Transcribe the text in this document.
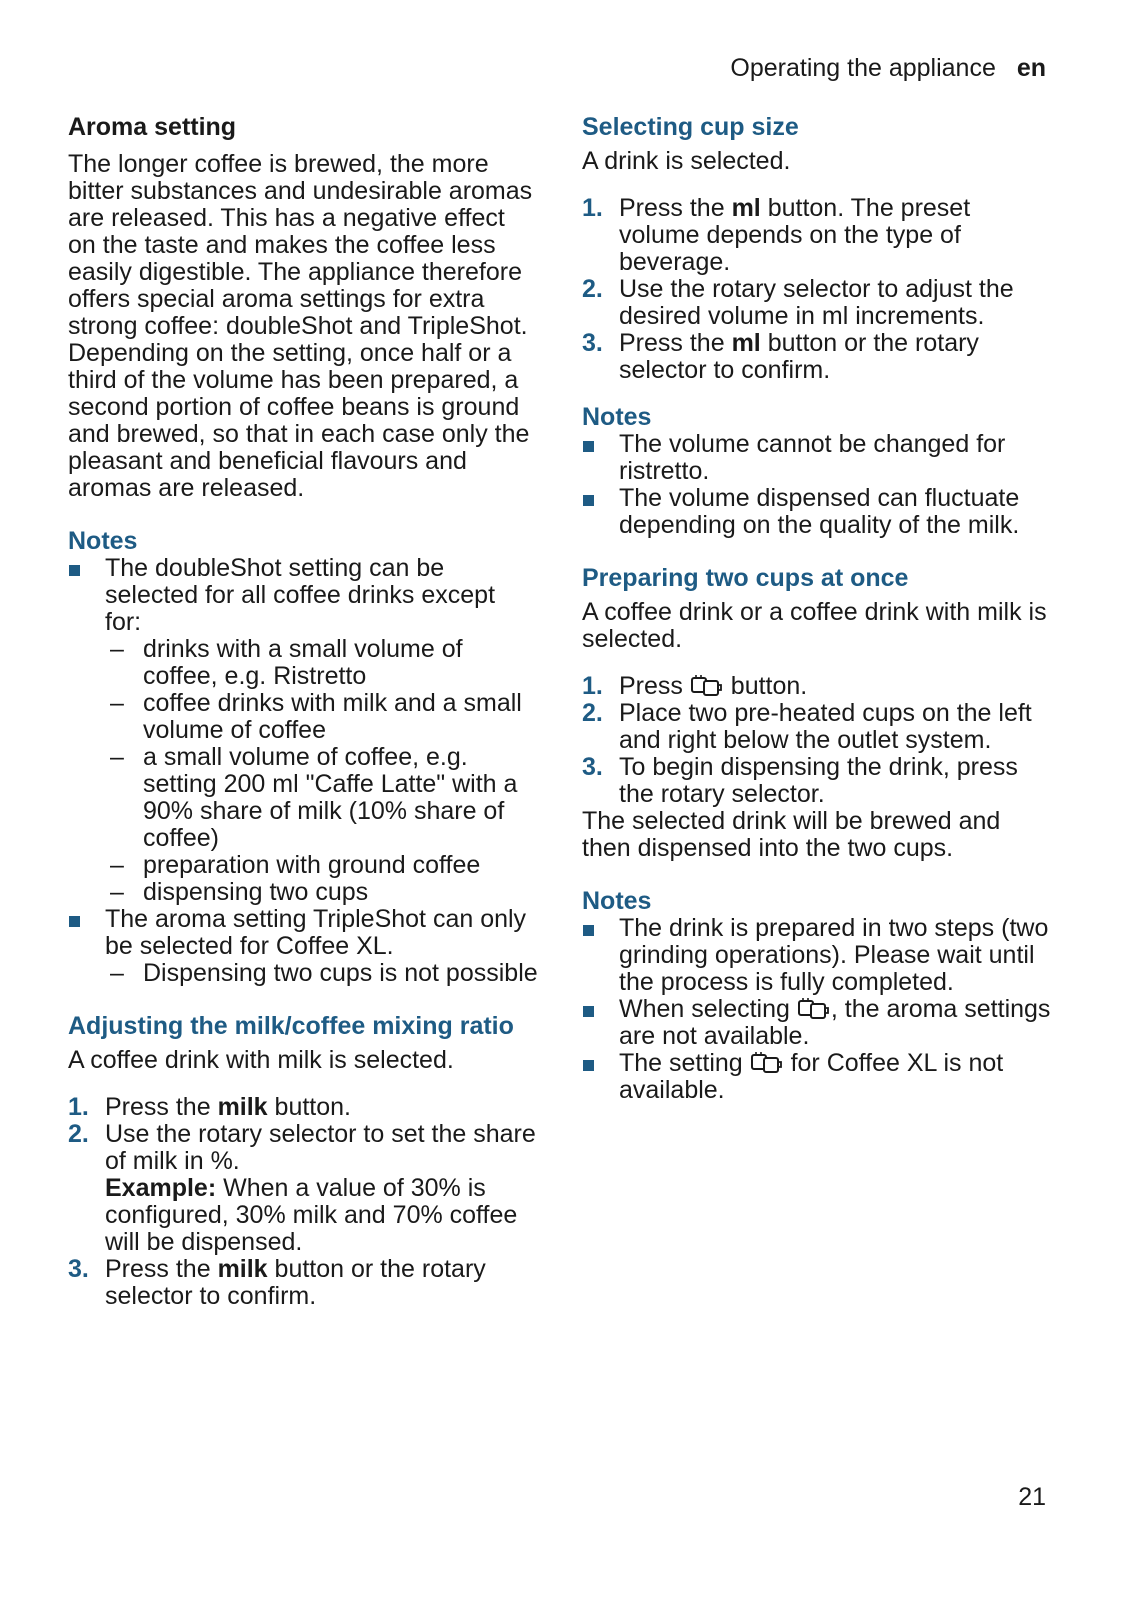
Operating the appliance en
Aroma setting

The longer coffee is brewed, the more bitter substances and undesirable aromas are released. This has a negative effect on the taste and makes the coffee less easily digestible. The appliance therefore offers special aroma settings for extra strong coffee: doubleShot and TripleShot. Depending on the setting, once half or a third of the volume has been prepared, a second portion of coffee beans is ground and brewed, so that in each case only the pleasant and beneficial flavours and aromas are released.

Notes
The doubleShot setting can be selected for all coffee drinks except for:
– drinks with a small volume of coffee, e.g. Ristretto
– coffee drinks with milk and a small volume of coffee
– a small volume of coffee, e.g. setting 200 ml "Caffe Latte" with a 90% share of milk (10% share of coffee)
– preparation with ground coffee
– dispensing two cups
The aroma setting TripleShot can only be selected for Coffee XL.
– Dispensing two cups is not possible
Adjusting the milk/coffee mixing ratio

A coffee drink with milk is selected.

1. Press the milk button.
2. Use the rotary selector to set the share of milk in %.
Example: When a value of 30% is configured, 30% milk and 70% coffee will be dispensed.
3. Press the milk button or the rotary selector to confirm.
Selecting cup size

A drink is selected.

1. Press the ml button. The preset volume depends on the type of beverage.
2. Use the rotary selector to adjust the desired volume in ml increments.
3. Press the ml button or the rotary selector to confirm.
Notes
The volume cannot be changed for ristretto.
The volume dispensed can fluctuate depending on the quality of the milk.
Preparing two cups at once

A coffee drink or a coffee drink with milk is selected.

1. Press  button.
2. Place two pre-heated cups on the left and right below the outlet system.
3. To begin dispensing the drink, press the rotary selector.

The selected drink will be brewed and then dispensed into the two cups.

Notes
The drink is prepared in two steps (two grinding operations). Please wait until the process is fully completed.
When selecting , the aroma settings are not available.
The setting  for Coffee XL is not available.
21
